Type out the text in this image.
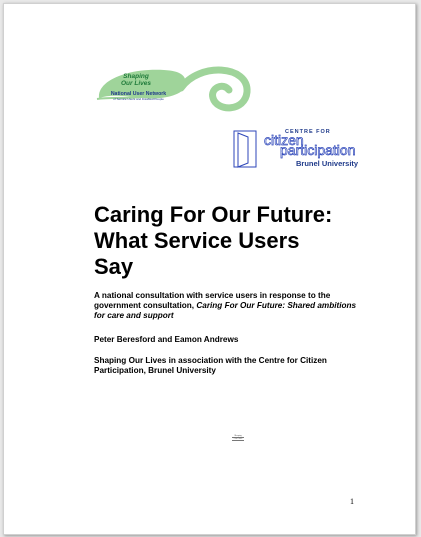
Shaping
Our Lives
National User Network
of Service Users and Disabled People
CENTRE FOR
citizen
participation
Brunel University
Caring For Our Future:
What Service Users
Say
A national consultation with service users in response to the government consultation, Caring For Our Future: Shared ambitions for care and support
Peter Beresford and Eamon Andrews
Shaping Our Lives in association with the Centre for Citizen Participation, Brunel University
Shaping
Our Lives
1
